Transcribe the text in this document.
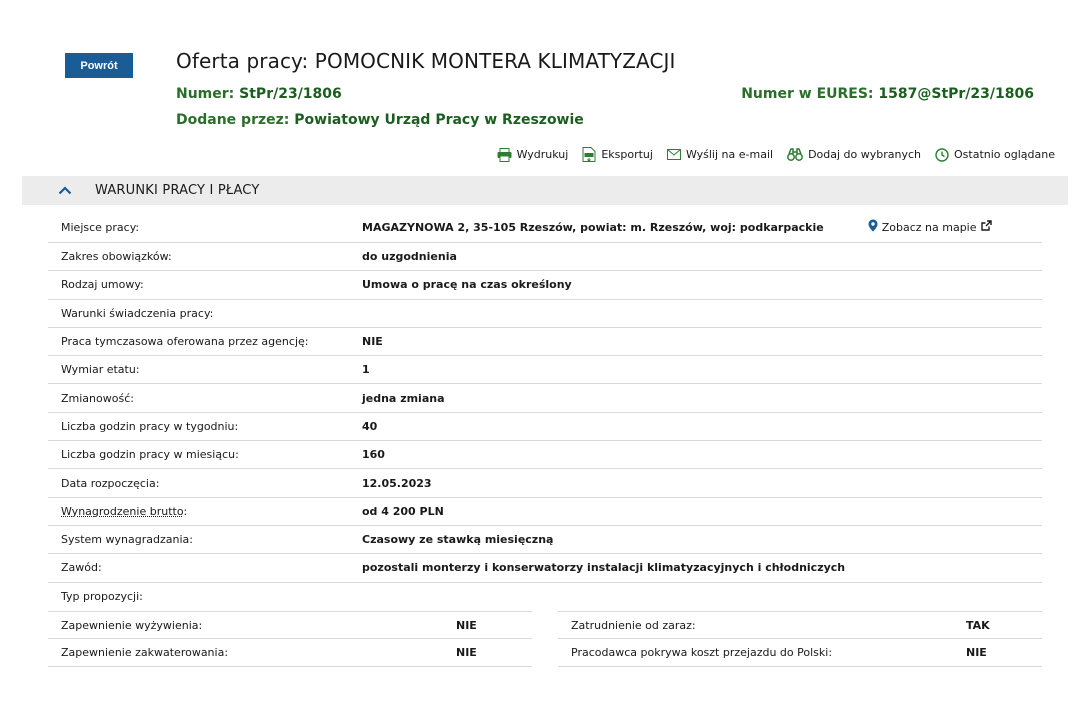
Powrót	Oferta pracy: POMOCNIK MONTERA KLIMATYZACJI
Numer: StPr/23/1806	Numer w EURES: 1587@StPr/23/1806
Dodane przez: Powiatowy Urząd Pracy w Rzeszowie
Wydrukuj	Eksportuj	Wyślij na e-mail	Dodaj do wybranych	Ostatnio oglądane
WARUNKI PRACY I PŁACY
Miejsce pracy:	MAGAZYNOWA 2, 35-105 Rzeszów, powiat: m. Rzeszów, woj: podkarpackie	Zobacz na mapie
Zakres obowiązków:	do uzgodnienia
Rodzaj umowy:	Umowa o pracę na czas określony
Warunki świadczenia pracy:
Praca tymczasowa oferowana przez agencję:	NIE
Wymiar etatu:	1
Zmianowość:	jedna zmiana
Liczba godzin pracy w tygodniu:	40
Liczba godzin pracy w miesiącu:	160
Data rozpoczęcia:	12.05.2023
Wynagrodzenie brutto:	od 4 200 PLN
System wynagradzania:	Czasowy ze stawką miesięczną
Zawód:	pozostali monterzy i konserwatorzy instalacji klimatyzacyjnych i chłodniczych
Typ propozycji:
Zapewnienie wyżywienia:	NIE
Zapewnienie zakwaterowania:	NIE
Zatrudnienie od zaraz:	TAK
Pracodawca pokrywa koszt przejazdu do Polski:	NIE
